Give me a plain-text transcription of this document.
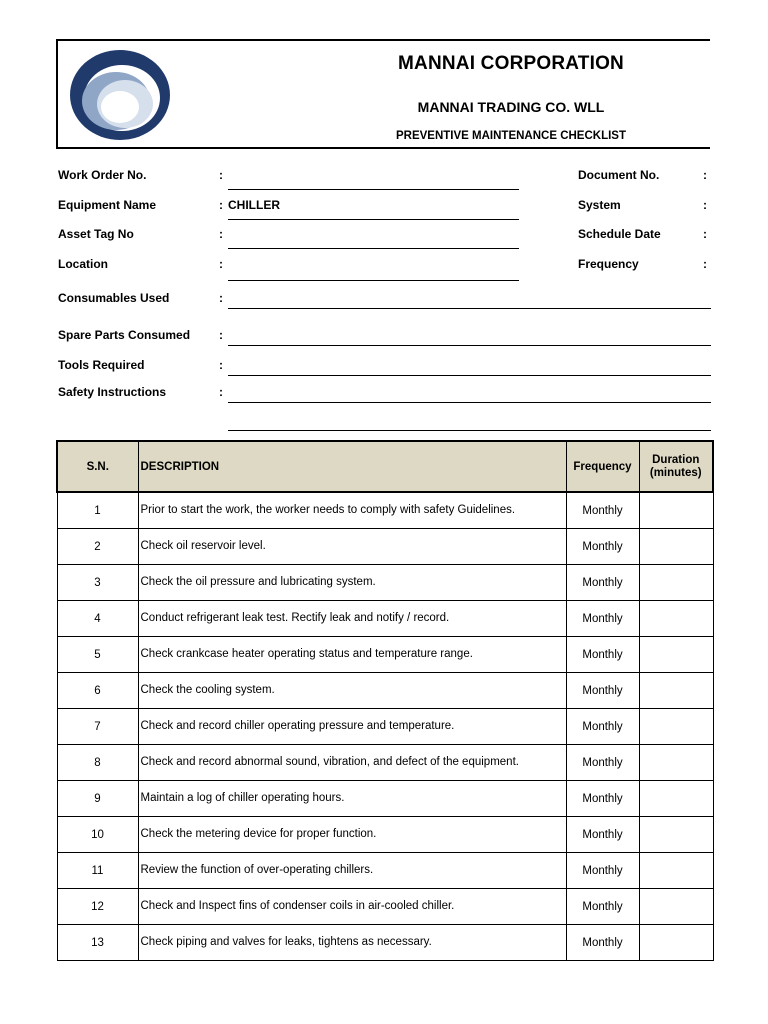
MANNAI CORPORATION
MANNAI TRADING CO. WLL
PREVENTIVE MAINTENANCE CHECKLIST
Work Order No.	:
Equipment Name	: CHILLER
Asset Tag No	:
Location	:
Consumables Used	:
Spare Parts Consumed :
Tools Required	:
Safety Instructions	:
Document No.	:
System	:
Schedule Date	:
Frequency	:
S.N.	DESCRIPTION	Frequency	Duration
(minutes)
1	Prior to start the work, the worker needs to comply with safety Guidelines.	Monthly	
2	Check oil reservoir level.	Monthly	
3	Check the oil pressure and lubricating system.	Monthly	
4	Conduct refrigerant leak test. Rectify leak and notify / record.	Monthly	
5	Check crankcase heater operating status and temperature range.	Monthly	
6	Check the cooling system.	Monthly	
7	Check and record chiller operating pressure and temperature.	Monthly	
8	Check and record abnormal sound, vibration, and defect of the equipment.	Monthly	
9	Maintain a log of chiller operating hours.	Monthly	
10	Check the metering device for proper function.	Monthly	
11	Review the function of over-operating chillers.	Monthly	
12	Check and Inspect fins of condenser coils in air-cooled chiller.	Monthly	
13	Check piping and valves for leaks, tightens as necessary.	Monthly	
